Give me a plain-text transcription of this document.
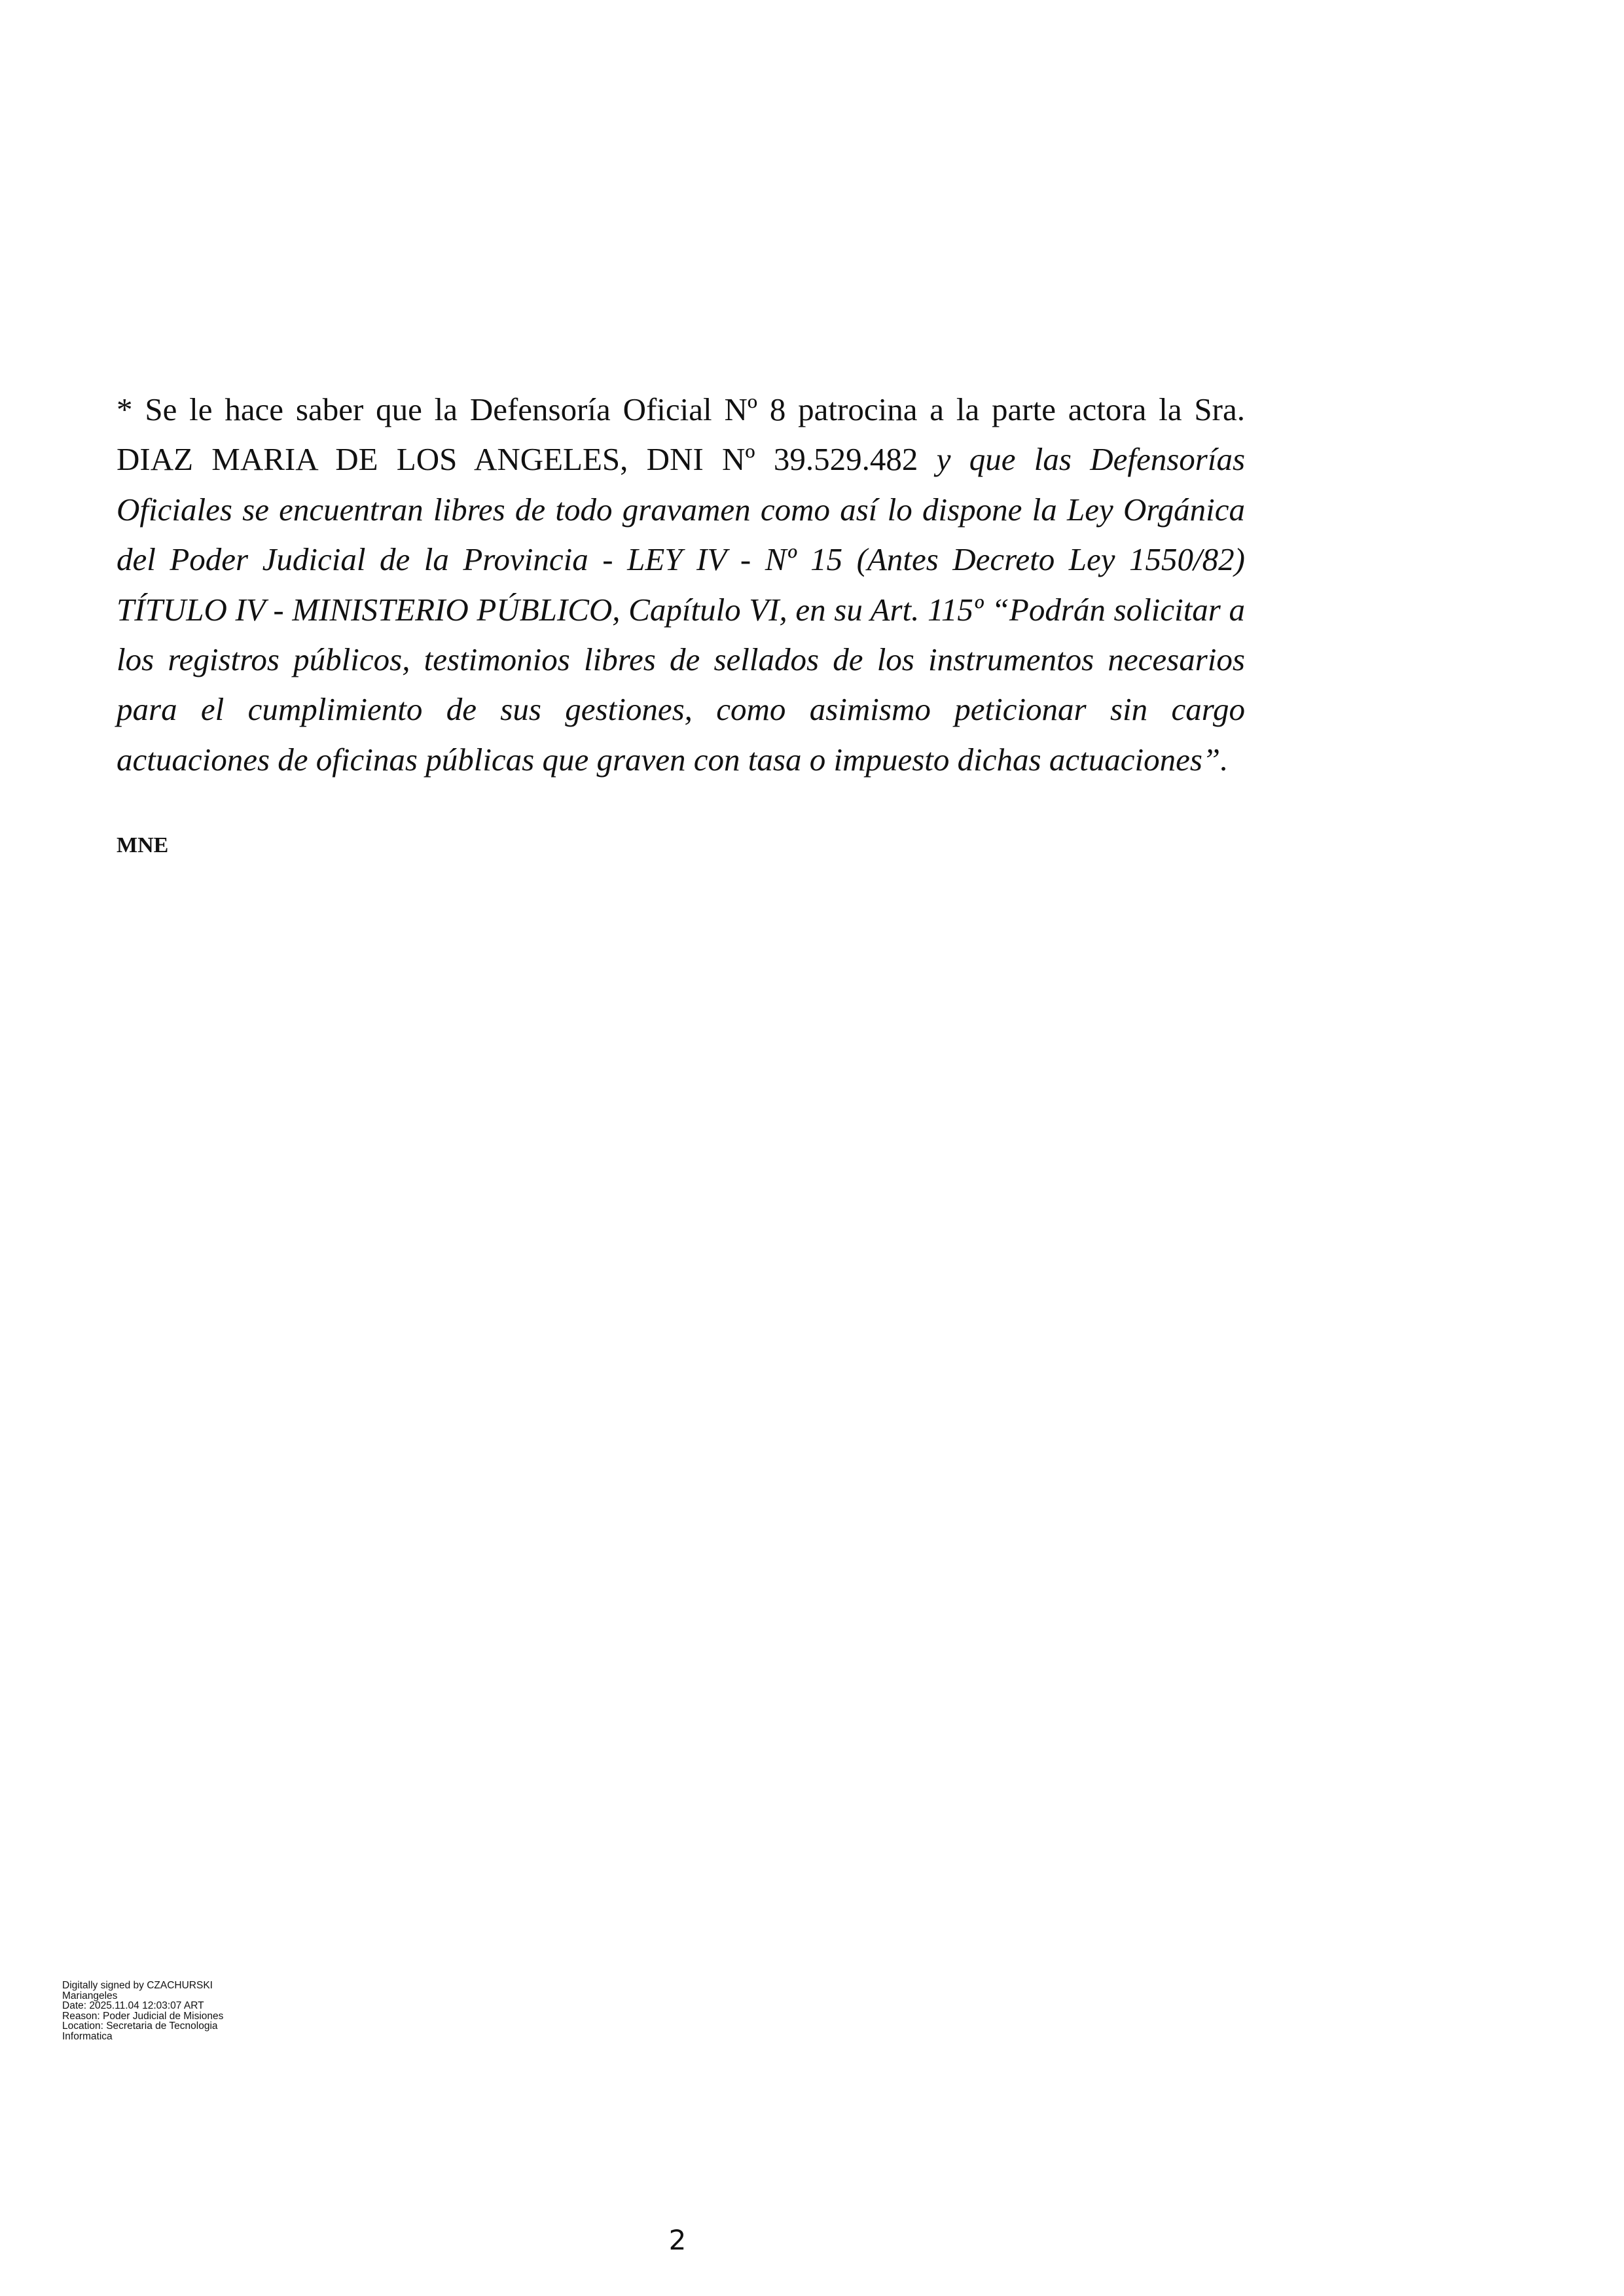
* Se le hace saber que la Defensoría Oficial Nº 8 patrocina a la parte actora la Sra. DIAZ MARIA DE LOS ANGELES, DNI Nº 39.529.482 y que las Defensorías Oficiales se encuentran libres de todo gravamen como así lo dispone la Ley Orgánica del Poder Judicial de la Provincia - LEY IV - Nº 15 (Antes Decreto Ley 1550/82) TÍTULO IV - MINISTERIO PÚBLICO, Capítulo VI, en su Art. 115º “Podrán solicitar a los registros públicos, testimonios libres de sellados de los instrumentos necesarios para el cumplimiento de sus gestiones, como asimismo peticionar sin cargo actuaciones de oficinas públicas que graven con tasa o impuesto dichas actuaciones”.

MNE

Digitally signed by CZACHURSKI
Mariangeles
Date: 2025.11.04 12:03:07 ART
Reason: Poder Judicial de Misiones
Location: Secretaria de Tecnologia
Informatica

2
